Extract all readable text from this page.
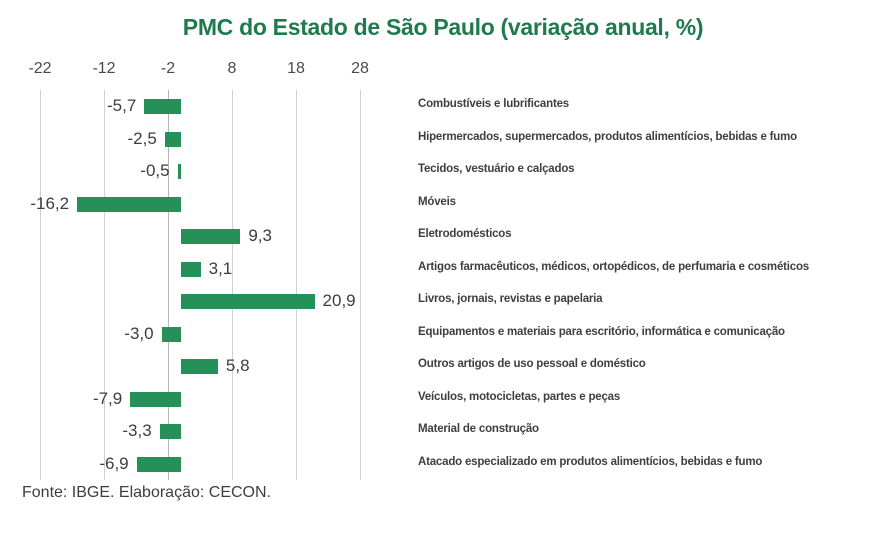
PMC do Estado de São Paulo (variação anual, %)
-22	-12	-2	8	18	28
-5,7	Combustíveis e lubrificantes
-2,5	Hipermercados, supermercados, produtos alimentícios, bebidas e fumo
-0,5	Tecidos, vestuário e calçados
-16,2	Móveis
9,3	Eletrodomésticos
3,1	Artigos farmacêuticos, médicos, ortopédicos, de perfumaria e cosméticos
20,9	Livros, jornais, revistas e papelaria
-3,0	Equipamentos e materiais para escritório, informática e comunicação
5,8	Outros artigos de uso pessoal e doméstico
-7,9	Veículos, motocicletas, partes e peças
-3,3	Material de construção
-6,9	Atacado especializado em produtos alimentícios, bebidas e fumo
Fonte: IBGE. Elaboração: CECON.
